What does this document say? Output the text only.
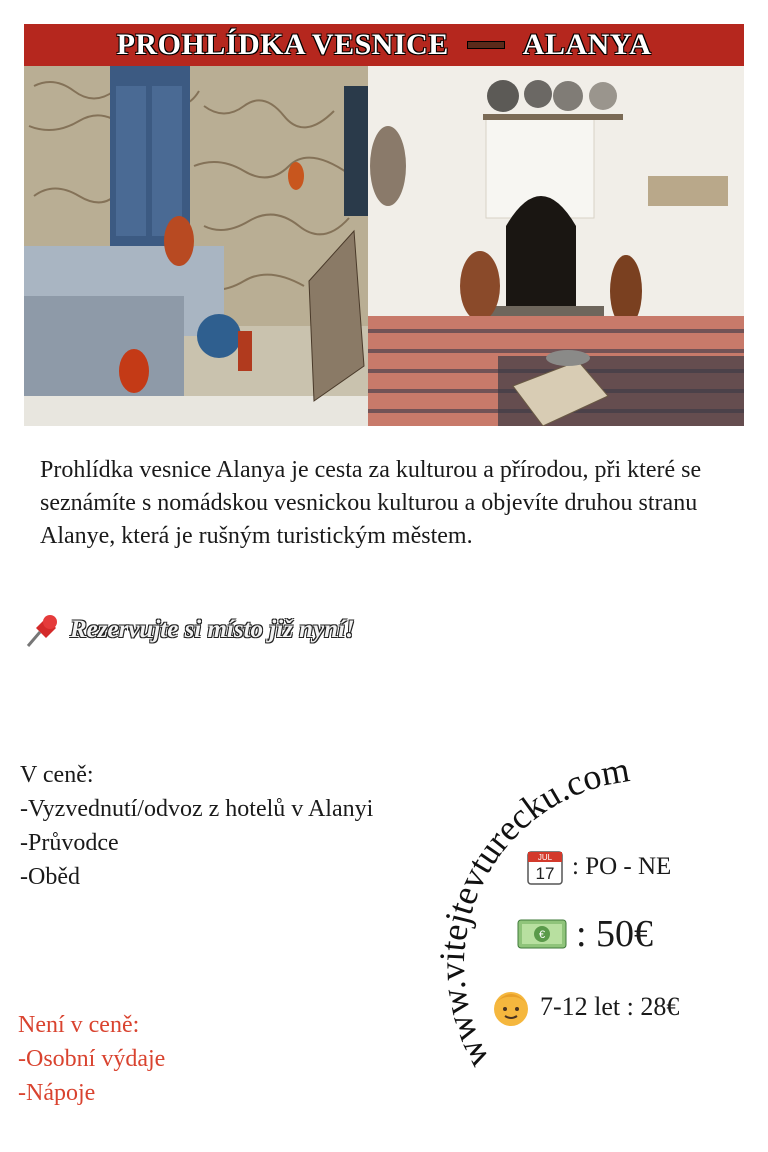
PROHLÍDKA VESNICE ALANYA
Prohlídka vesnice Alanya je cesta za kulturou a přírodou, při které se seznámíte s nomádskou vesnickou kulturou a objevíte druhou stranu Alanye, která je rušným turistickým městem.
Rezervujte si místo již nyní!
V ceně:
-Vyzvednutí/odvoz z hotelů v Alanyi
-Průvodce
-Oběd
www.vitejtevturecku.com
JUL
17 : PO - NE
€ : 50€
7-12 let : 28€
Není v ceně:
-Osobní výdaje
-Nápoje
